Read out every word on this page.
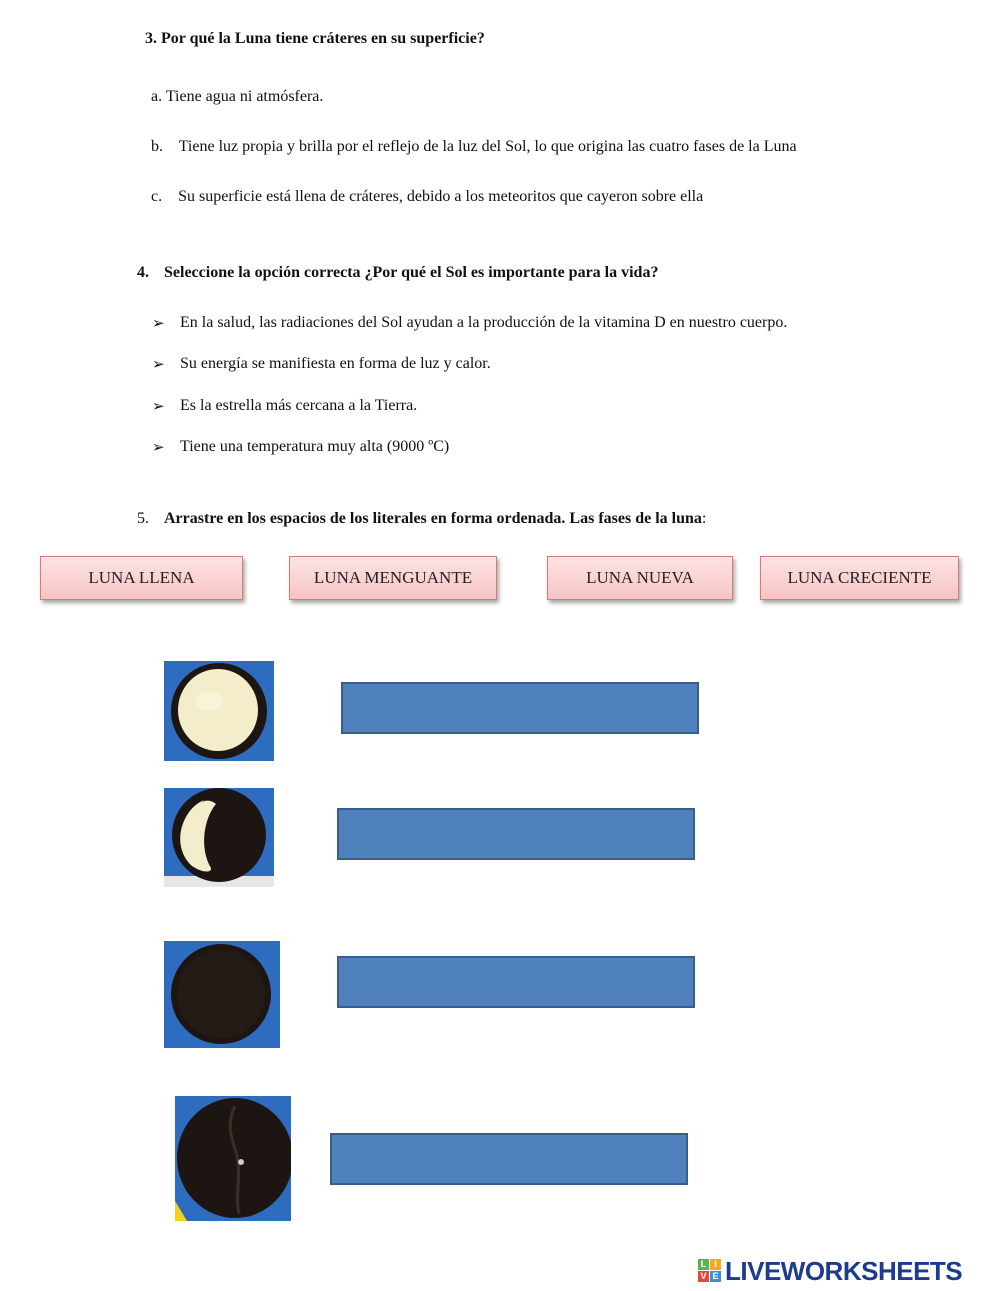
3. Por qué la Luna tiene cráteres en su superficie?
a. Tiene agua ni atmósfera.
b.    Tiene luz propia y brilla por el reflejo de la luz del Sol, lo que origina las cuatro fases de la Luna
c.    Su superficie está llena de cráteres, debido a los meteoritos que cayeron sobre ella
4. Seleccione la opción correcta ¿Por qué el Sol es importante para la vida?
➢ En la salud, las radiaciones del Sol ayudan a la producción de la vitamina D en nuestro cuerpo.
➢ Su energía se manifiesta en forma de luz y calor.
➢ Es la estrella más cercana a la Tierra.
➢ Tiene una temperatura muy alta (9000 ºC)
5. Arrastre en los espacios de los literales en forma ordenada. Las fases de la luna:
LUNA LLENA	LUNA MENGUANTE	LUNA NUEVA	LUNA CRECIENTE
L I
V E LIVEWORKSHEETS
